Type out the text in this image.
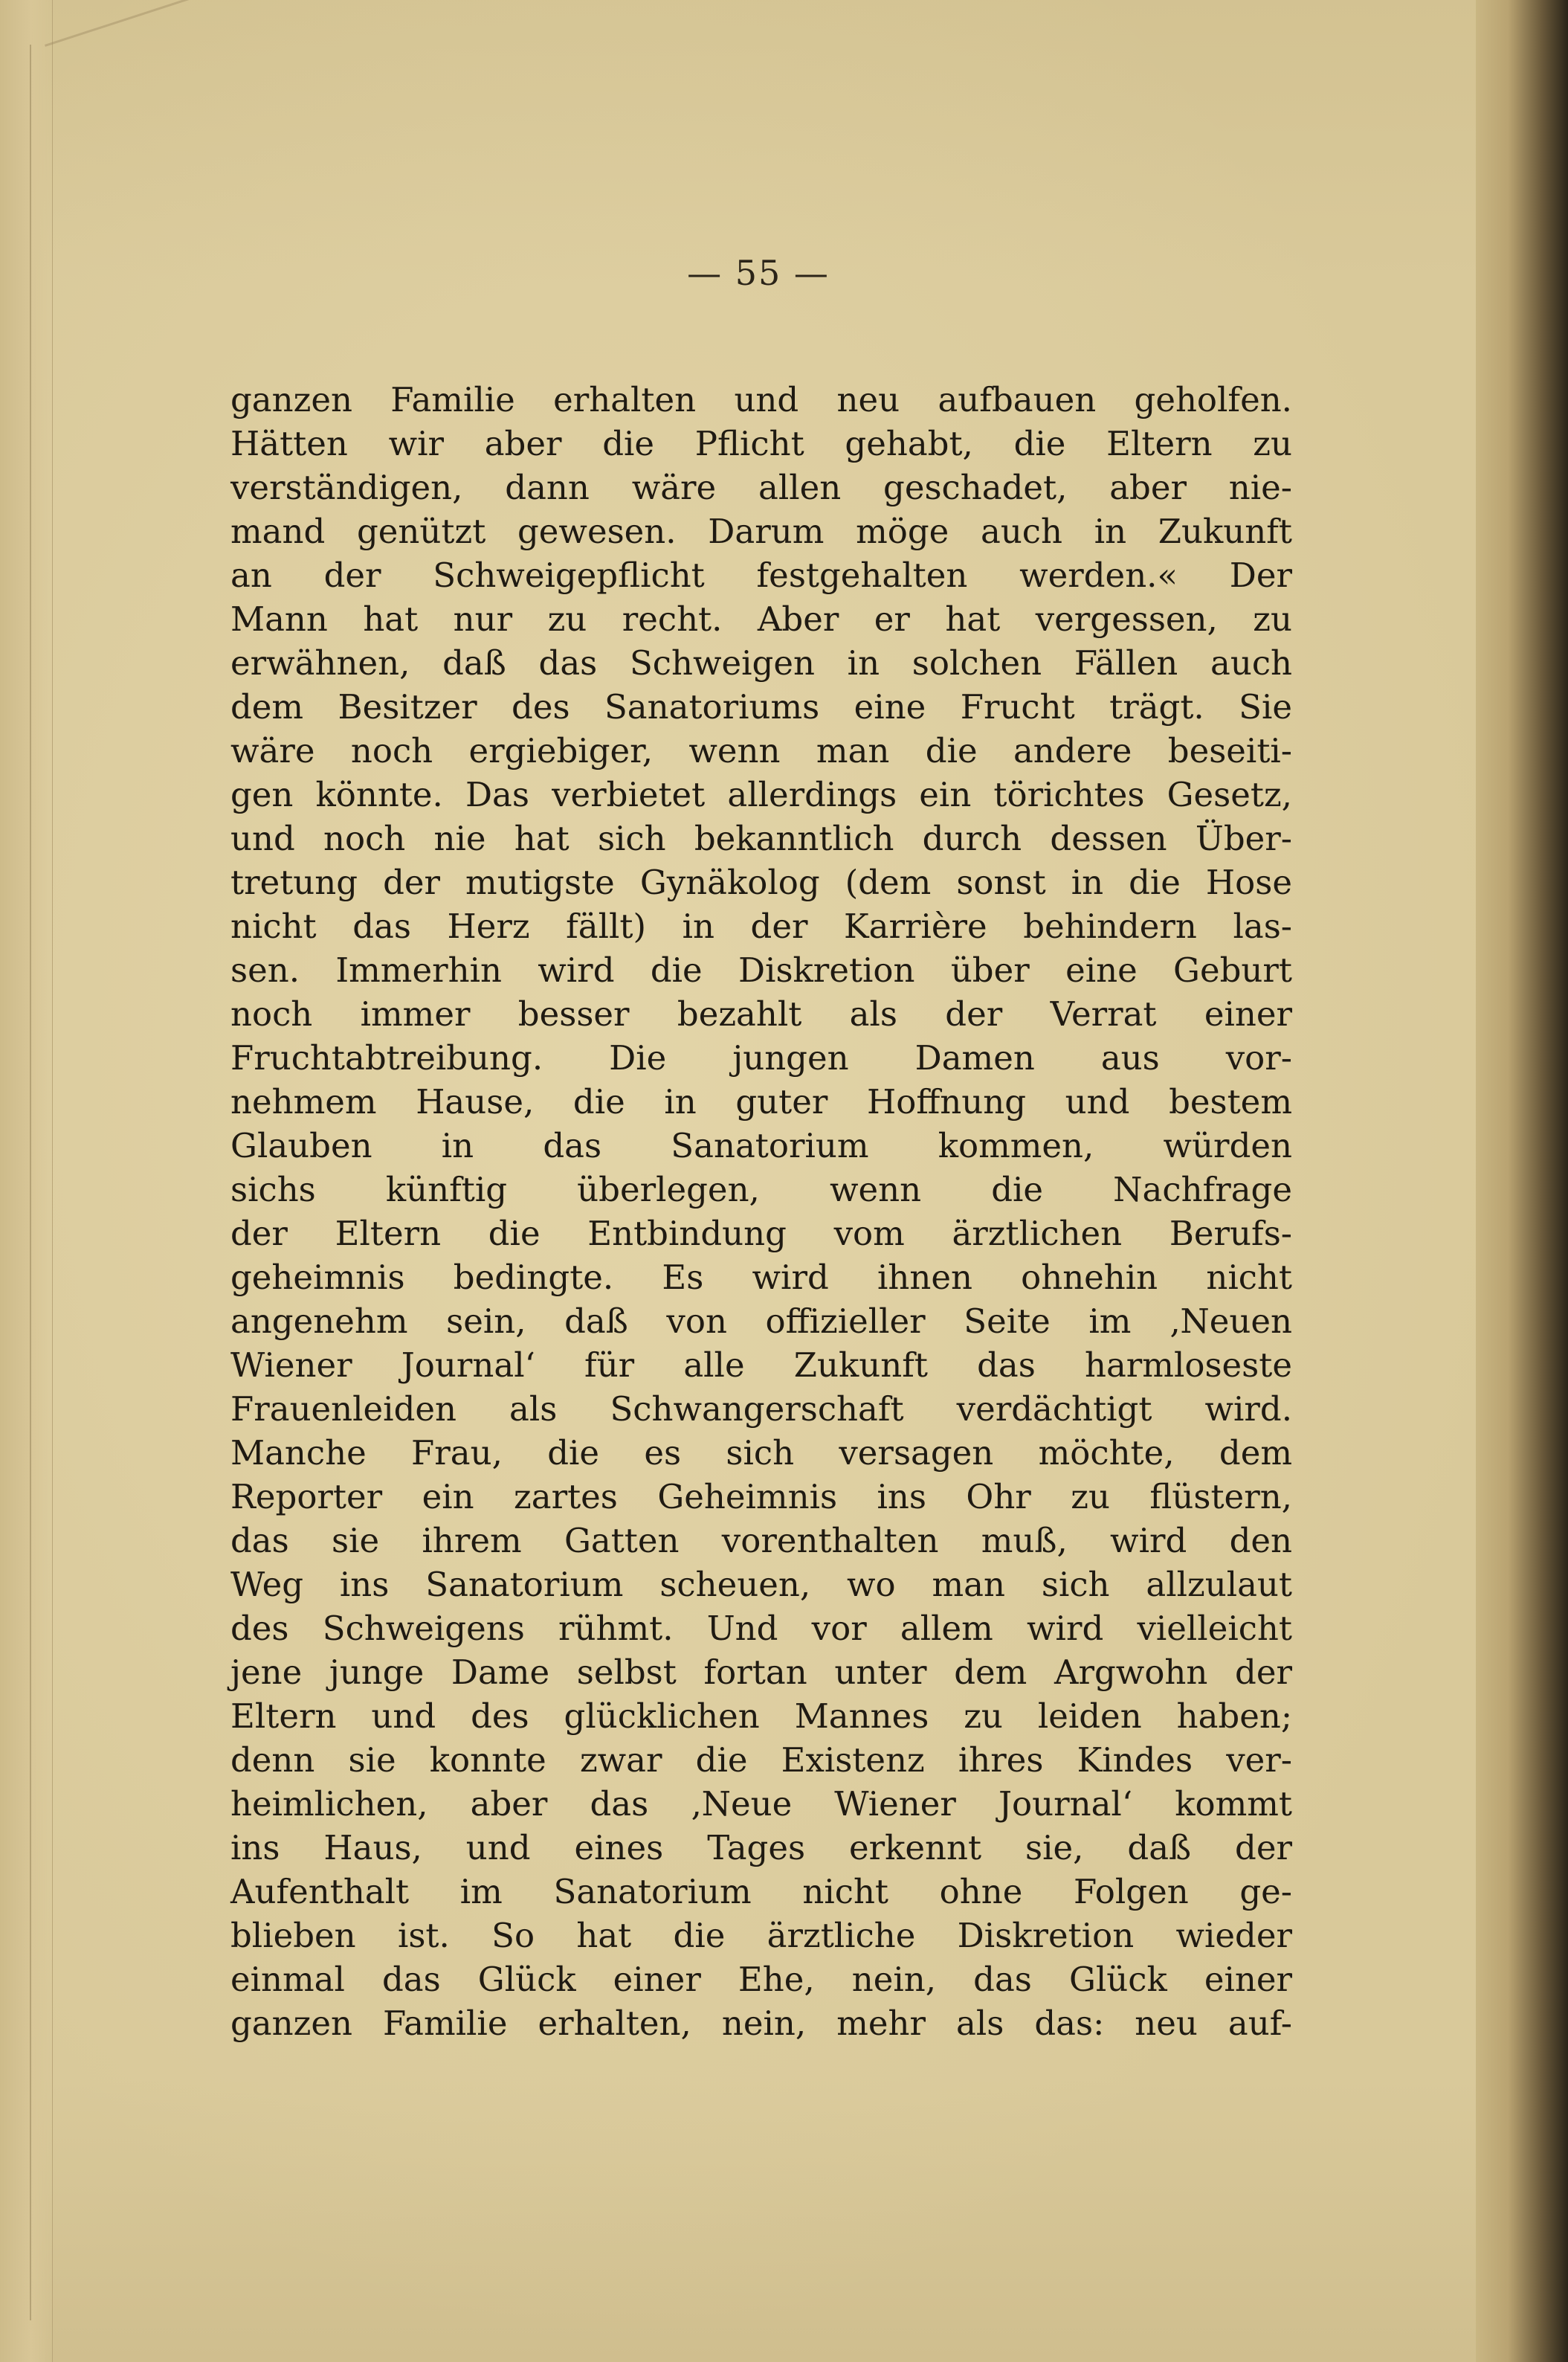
— 55 —
ganzen Familie erhalten und neu aufbauen geholfen.
Hätten wir aber die Pflicht gehabt, die Eltern zu
verständigen, dann wäre allen geschadet, aber nie-
mand genützt gewesen. Darum möge auch in Zukunft
an der Schweigepflicht festgehalten werden.« Der
Mann hat nur zu recht. Aber er hat vergessen, zu
erwähnen, daß das Schweigen in solchen Fällen auch
dem Besitzer des Sanatoriums eine Frucht trägt. Sie
wäre noch ergiebiger, wenn man die andere beseiti-
gen könnte. Das verbietet allerdings ein törichtes Gesetz,
und noch nie hat sich bekanntlich durch dessen Über-
tretung der mutigste Gynäkolog (dem sonst in die Hose
nicht das Herz fällt) in der Karrière behindern las-
sen. Immerhin wird die Diskretion über eine Geburt
noch immer besser bezahlt als der Verrat einer
Fruchtabtreibung. Die jungen Damen aus vor-
nehmem Hause, die in guter Hoffnung und bestem
Glauben in das Sanatorium kommen, würden
sichs künftig überlegen, wenn die Nachfrage
der Eltern die Entbindung vom ärztlichen Berufs-
geheimnis bedingte. Es wird ihnen ohnehin nicht
angenehm sein, daß von offizieller Seite im ‚Neuen
Wiener Journal‘ für alle Zukunft das harmloseste
Frauenleiden als Schwangerschaft verdächtigt wird.
Manche Frau, die es sich versagen möchte, dem
Reporter ein zartes Geheimnis ins Ohr zu flüstern,
das sie ihrem Gatten vorenthalten muß, wird den
Weg ins Sanatorium scheuen, wo man sich allzulaut
des Schweigens rühmt. Und vor allem wird vielleicht
jene junge Dame selbst fortan unter dem Argwohn der
Eltern und des glücklichen Mannes zu leiden haben;
denn sie konnte zwar die Existenz ihres Kindes ver-
heimlichen, aber das ‚Neue Wiener Journal‘ kommt
ins Haus, und eines Tages erkennt sie, daß der
Aufenthalt im Sanatorium nicht ohne Folgen ge-
blieben ist. So hat die ärztliche Diskretion wieder
einmal das Glück einer Ehe, nein, das Glück einer
ganzen Familie erhalten, nein, mehr als das: neu auf-
